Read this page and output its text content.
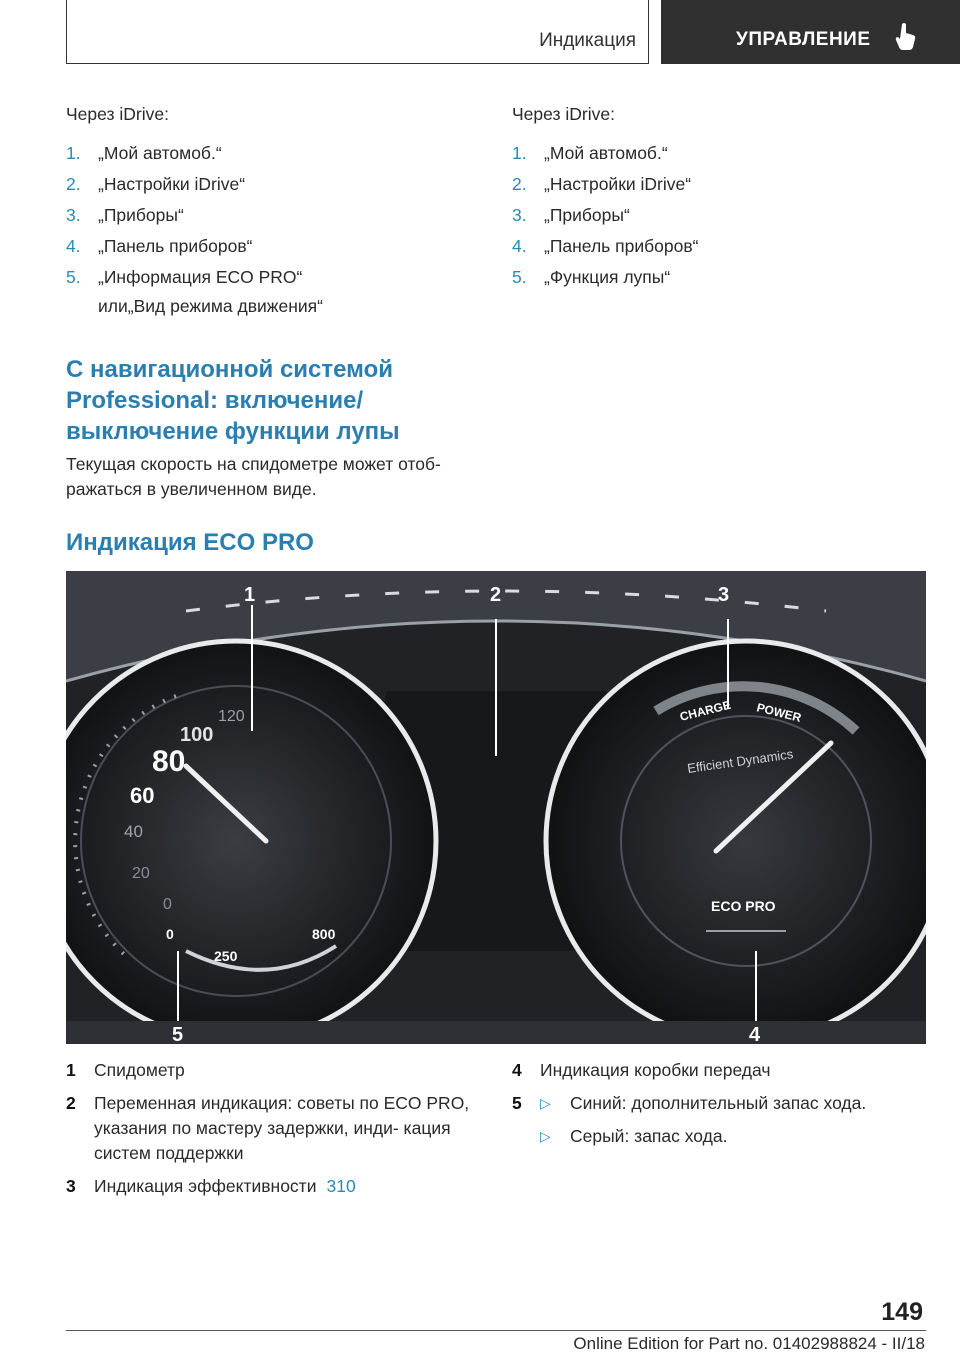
Индикация	УПРАВЛЕНИЕ

Через iDrive:

1. „Мой автомоб.“
2. „Настройки iDrive“
3. „Приборы“
4. „Панель приборов“
5. „Информация ECO PRO“
или„Вид режима движения“
С навигационной системой Professional: включение/ выключение функции лупы
Текущая скорость на спидометре может отоб- ражаться в увеличенном виде.

Через iDrive:

1. „Мой автомоб.“
2. „Настройки iDrive“
3. „Приборы“
4. „Панель приборов“
5. „Функция лупы“
Индикация ECO PRO
0
20
40
60
80
100
120
0
250
800
CHARGE POWER
Efficient Dynamics
ECO PRO
1	2	3
4
5
1 Спидометр
2 Переменная индикация: советы по ECO PRO, указания по мастеру задержки, инди- кация систем поддержки
3 Индикация эффективности 310
4 Индикация коробки передач
5 ▷ Синий: дополнительный запас хода.
▷ Серый: запас хода.
149
Online Edition for Part no. 01402988824 - II/18
